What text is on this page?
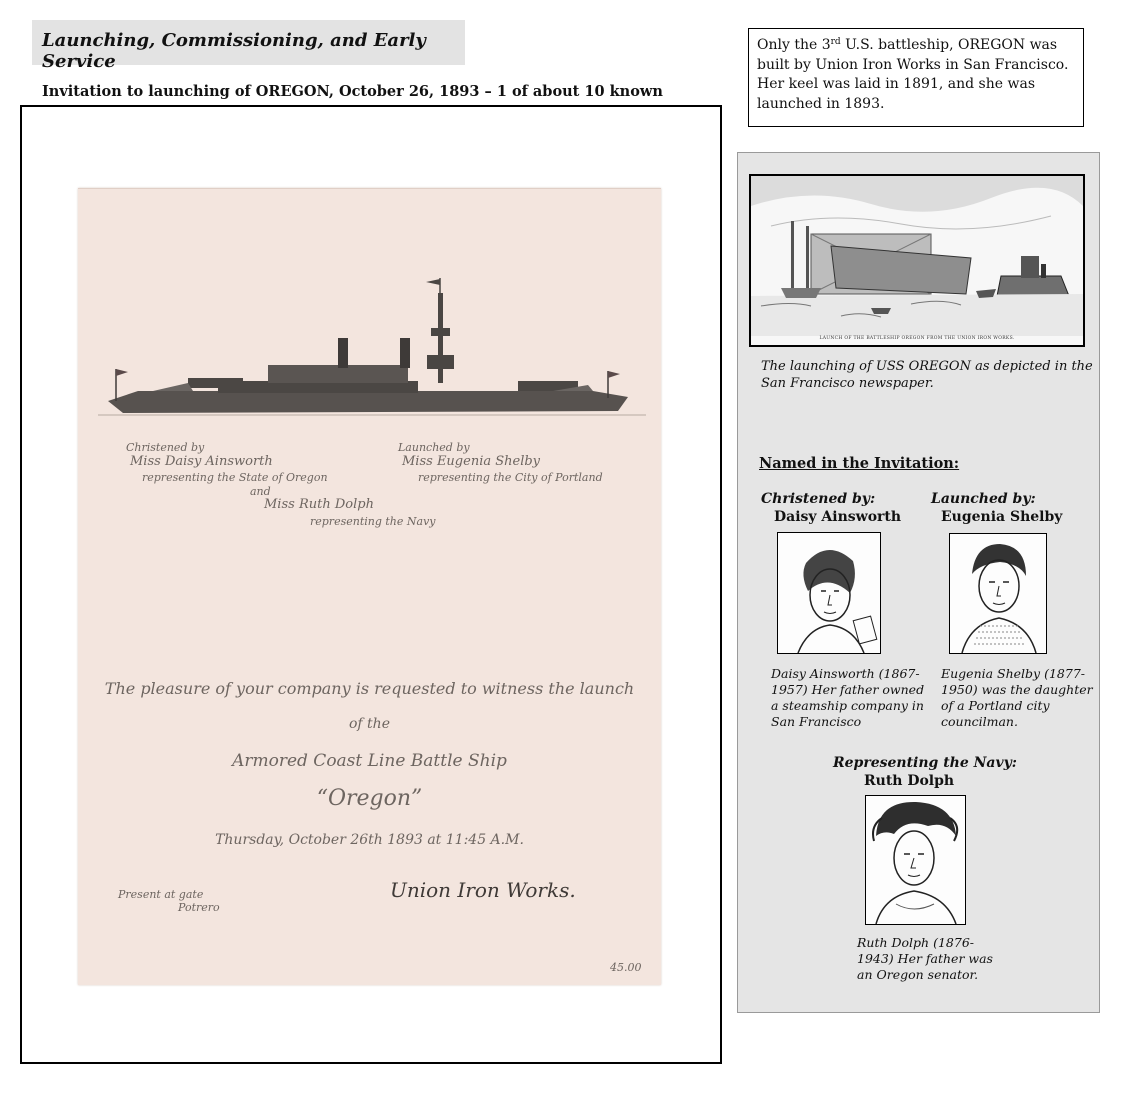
Launching, Commissioning, and Early Service
Invitation to launching of OREGON, October 26, 1893 – 1 of about 10 known
Only the 3rd U.S. battleship, OREGON was
built by Union Iron Works in San Francisco.
Her keel was laid in 1891, and she was
launched in 1893.
Christened by
Miss Daisy Ainsworth
representing the State of Oregon
and
Miss Ruth Dolph
representing the Navy
Launched by
Miss Eugenia Shelby
representing the City of Portland
The pleasure of your company is requested to witness the launch
of the
Armored Coast Line Battle Ship
“Oregon”
Thursday, October 26th 1893 at 11:45 A.M.
Present at gate
Potrero
Union Iron Works.
45.00
LAUNCH OF THE BATTLESHIP OREGON FROM THE UNION IRON WORKS.
The launching of USS OREGON as depicted in the
San Francisco newspaper.
Named in the Invitation:
Christened by:
Daisy Ainsworth
Daisy Ainsworth (1867-
1957) Her father owned
a steamship company in
San Francisco
Launched by:
Eugenia Shelby
Eugenia Shelby (1877-
1950) was the daughter
of a Portland city
councilman.
Representing the Navy:
Ruth Dolph
Ruth Dolph (1876-
1943) Her father was
an Oregon senator.
